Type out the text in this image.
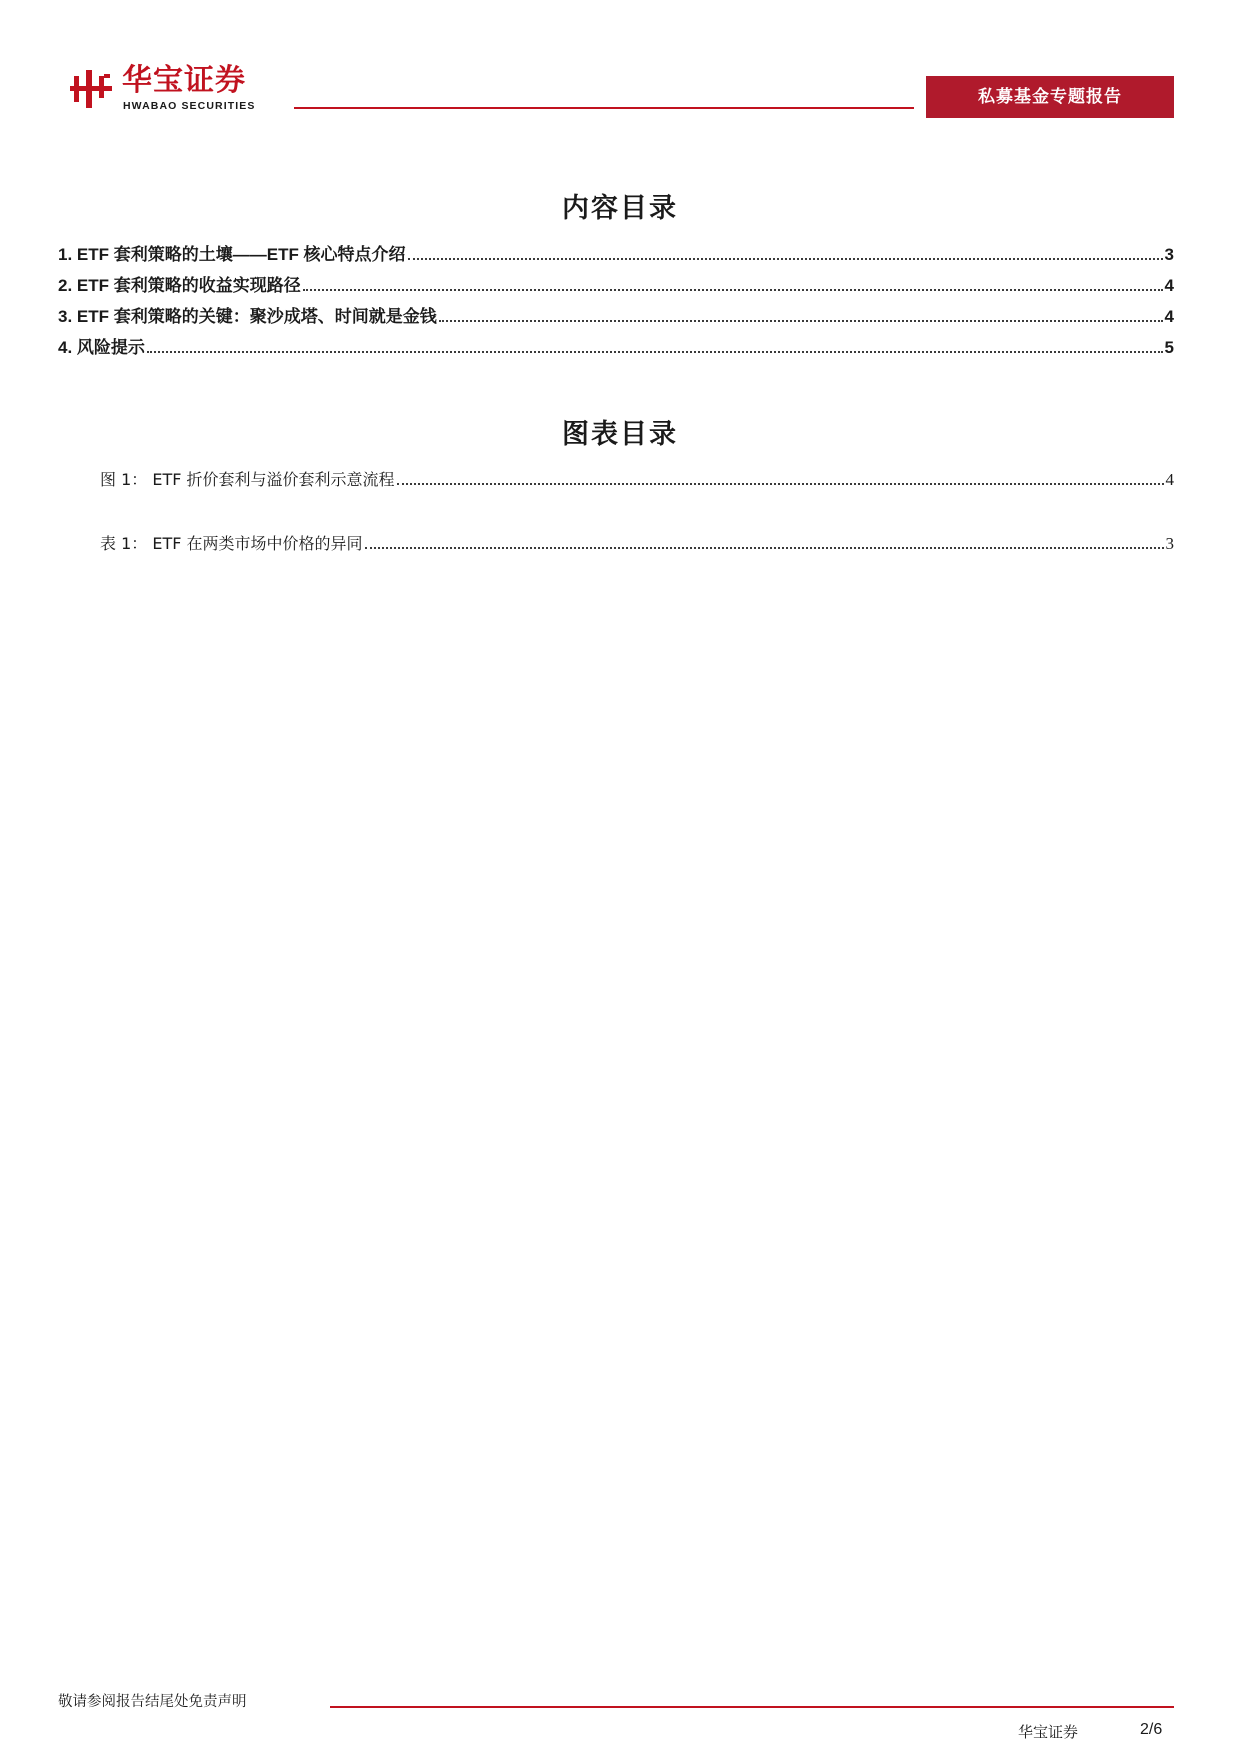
华宝证券
HWABAO SECURITIES	私募基金专题报告
内容目录
1. ETF 套利策略的土壤——ETF 核心特点介绍	3
2. ETF 套利策略的收益实现路径	4
3. ETF 套利策略的关键：聚沙成塔、时间就是金钱	4
4. 风险提示	5
图表目录
图 1： ETF 折价套利与溢价套利示意流程	4
表 1： ETF 在两类市场中价格的异同	3
敬请参阅报告结尾处免责声明
华宝证券	2/6
